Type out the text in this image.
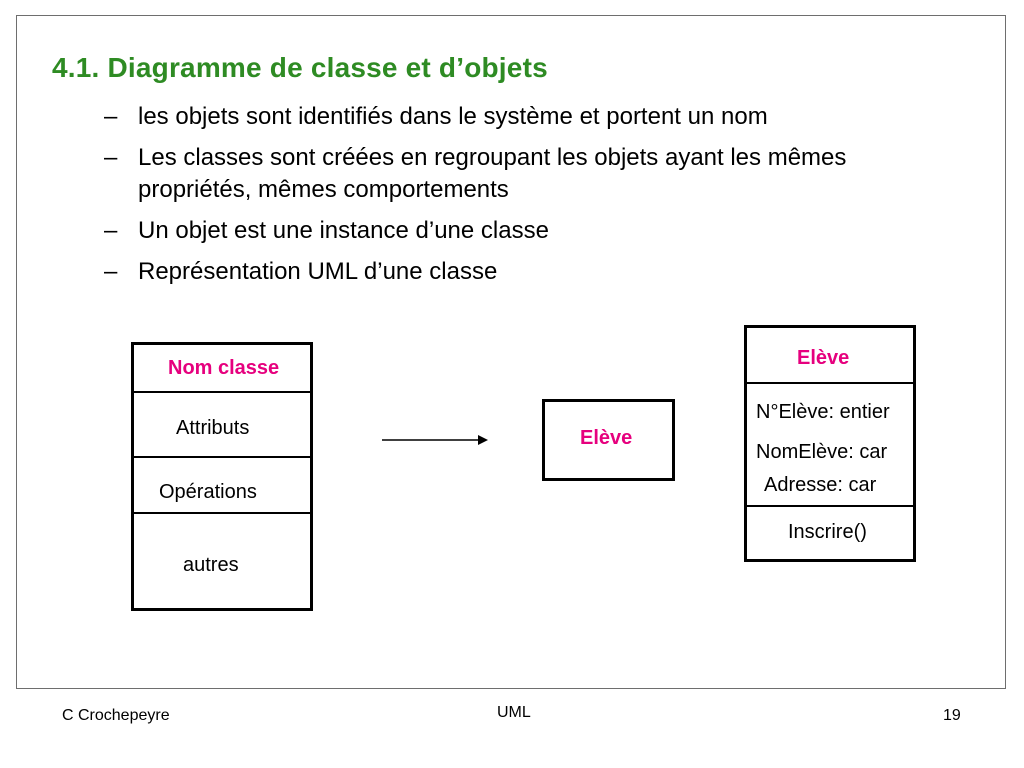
4.1. Diagramme de classe et d’objets
– les objets sont identifiés dans le système et portent un nom
– Les classes sont créées en regroupant les objets ayant les mêmes propriétés, mêmes comportements
– Un objet est une instance d’une classe
– Représentation UML d’une classe
Nom classe
Attributs
Opérations
autres
Elève
Elève
N°Elève: entier
NomElève: car
Adresse: car
Inscrire()
C Crochepeyre	UML	19
